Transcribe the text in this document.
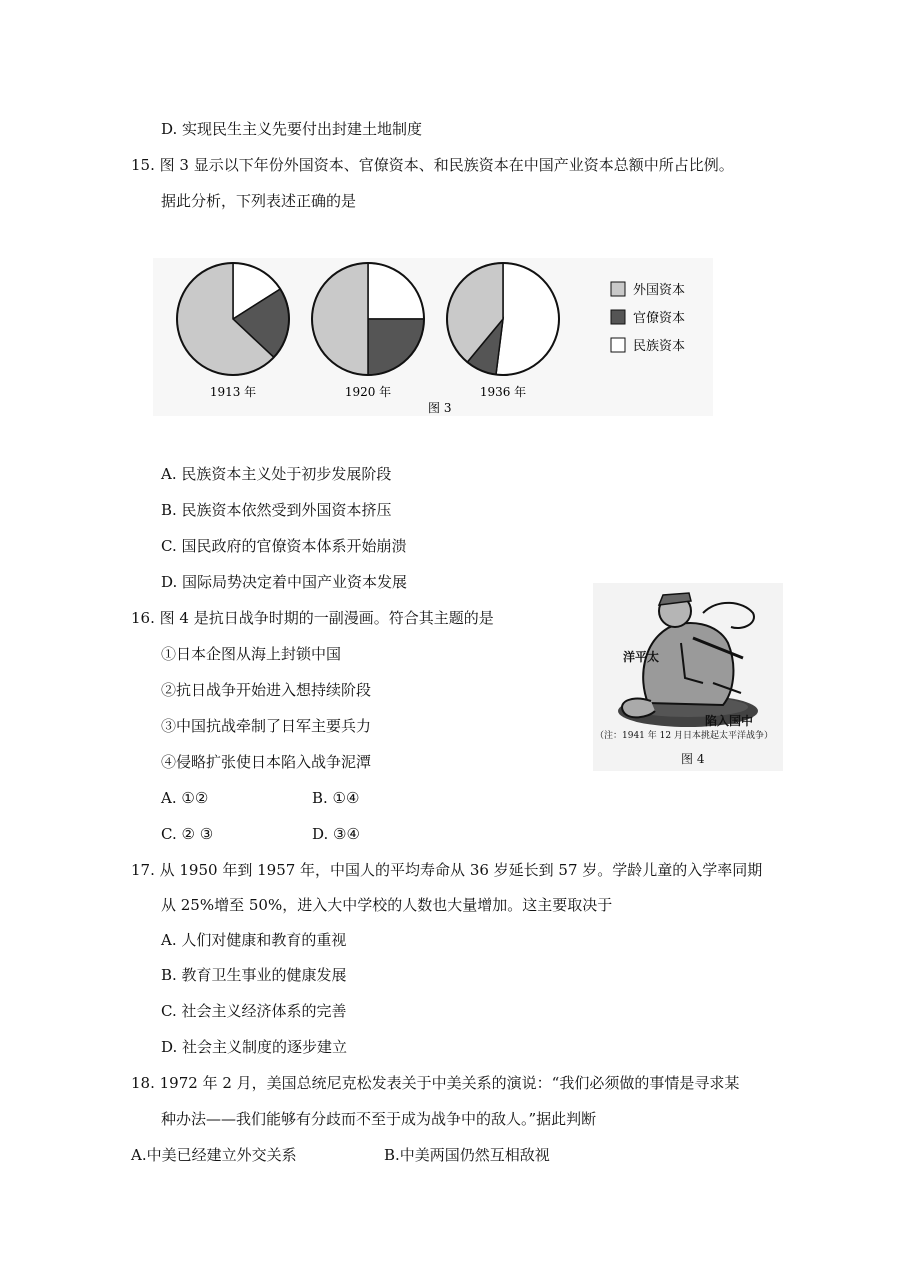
D. 实现民生主义先要付出封建土地制度
15. 图 3 显示以下年份外国资本、官僚资本、和民族资本在中国产业资本总额中所占比例。
据此分析，下列表述正确的是
1913 年	1920 年	1936 年
图 3
外国资本
官僚资本
民族资本
A. 民族资本主义处于初步发展阶段
B. 民族资本依然受到外国资本挤压
C. 国民政府的官僚资本体系开始崩溃
D. 国际局势决定着中国产业资本发展
16. 图 4 是抗日战争时期的一副漫画。符合其主题的是
①日本企图从海上封锁中国
②抗日战争开始进入想持续阶段
③中国抗战牵制了日军主要兵力
④侵略扩张使日本陷入战争泥潭
A. ①②	B. ①④
C. ② ③	D. ③④
洋平太
陷入国中
（注：1941 年 12 月日本挑起太平洋战争）
图 4
17. 从 1950 年到 1957 年，中国人的平均寿命从 36 岁延长到 57 岁。学龄儿童的入学率同期
从 25%增至 50%，进入大中学校的人数也大量增加。这主要取决于
A. 人们对健康和教育的重视
B. 教育卫生事业的健康发展
C. 社会主义经济体系的完善
D. 社会主义制度的逐步建立
18. 1972 年 2 月，美国总统尼克松发表关于中美关系的演说：“我们必须做的事情是寻求某
种办法——我们能够有分歧而不至于成为战争中的敌人。”据此判断
A.中美已经建立外交关系	B.中美两国仍然互相敌视
